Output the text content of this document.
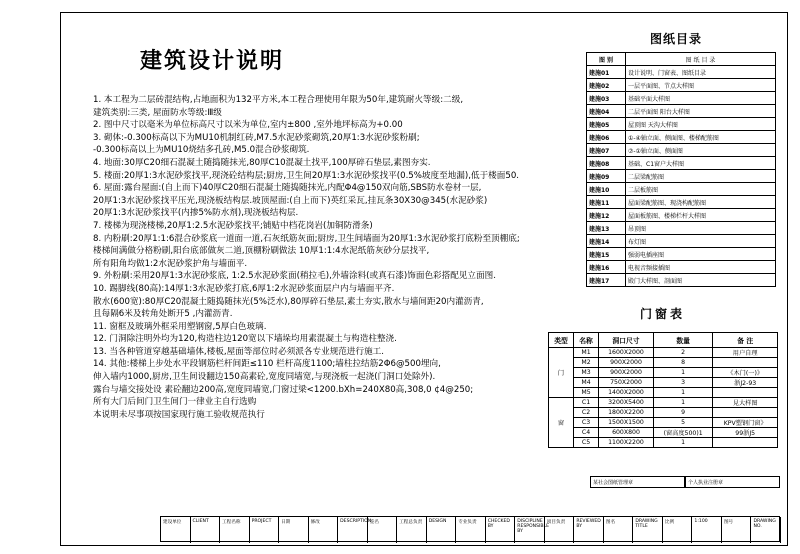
建筑设计说明
1. 本工程为二层砖混结构,占地面积为132平方米,本工程合理使用年限为50年,建筑耐火等级:二级,
建筑类别:三类, 屋面防水等级:Ⅲ级
2. 图中尺寸以毫米为单位标高尺寸以米为单位,室内±800 ,室外地坪标高为+0.00
3. 砌体:-0.300标高以下为MU10机制红砖,M7.5水泥砂浆砌筑,20厚1:3水泥砂浆粉刷;
-0.300标高以上为MU10烧结多孔砖,M5.0混合砂浆砌筑.
4. 地面:30厚C20细石混凝土随捣随抹光,80厚C10混凝土找平,100厚碎石垫层,素图夯实.
5. 楼面:20厚1:3水泥砂浆找平,现浇砼结构层;厨房,卫生间20厚1:3水泥砂浆找平(0.5%坡度至地漏),低于楼面50.
6. 屋面:露台屋面:(自上而下)40厚C20细石混凝土随捣随抹光,内配Φ4@150双向筋,SBS防水卷材一层,
20厚1:3水泥砂浆找平压光,现浇板结构层.坡顶屋面:(自上而下)英红采瓦,挂瓦条30X30@345(水泥砂浆)
20厚1:3水泥砂浆找平(内掺5%防水剂),现浇板结构层.
7. 楼梯为现浇楼梯,20厚1:2.5水泥砂浆找平;铺贴中档花岗岩(加铜防滑条)
8. 内粉刷:20厚1:1:6混合砂浆底一道面一道,石灰纸筋灰面;厨房,卫生间墙面为20厚1:3水泥砂浆打底粉至顶棚底;
楼梯间满做分格粉刷,阳台底部做灰二道,顶棚粉刷做法 10厚1:1:4水泥纸筋灰砂分层找平,
所有阳角均做1:2水泥砂浆护角与墙面平.
9. 外粉刷:采用20厚1:3水泥砂浆底, 1:2.5水泥砂浆面(稍拉毛),外墙涂料(或真石漆)饰面色彩搭配见立面图.
10. 踢脚线(80高):14厚1:3水泥砂浆打底,6厚1:2水泥砂浆面层户内与墙面平齐.
散水(600宽):80厚C20混凝土随捣随抹光(5%泛水),80厚碎石垫层,素土夯实,散水与墙间距20内灌沥青,
且每隔6米及转角处断开5 ,内灌沥青.
11. 窗框及玻璃外框采用塑钢窗,5厚白色玻璃.
12. 门洞除注明外均为120,构造柱边120宽以下墙垛均用素混凝土与构造柱整浇.
13. 当各种管道穿越基础墙体,楼板,屋面等部位时必须派各专业规范进行施工.
14. 其他:楼梯上步处水平段钢筋栏杆间距≤110 栏杆高度1100;墙柱拉结筋2Φ6@500埋向,
伸入墙内1000,厨房,卫生间设翻边150高素砼,宽度同墙宽,与现浇板一起浇(门洞口处除外).
露台与墙交接处设 素砼翻边200高,宽度同墙宽,门窗过梁<1200.bXh=240X80高,308,0 ¢4@250;
所有大门后间门卫生间门一律业主自行选购
本说明未尽事项按国家现行施工验收规范执行
图纸目录
图 别	图 纸 目 录
建施01	设计说明、门窗表、图纸目录
建施02	一层平面图、节点大样图
建施03	基础平面大样图
建施04	二层平面图 阳台大样图
建施05	屋顶图 天沟大样图
建施06	①-④轴立面、侧面图、楼梯配筋图
建施07	⑦-①轴立面、侧面图
建施08	基础、C1窗户大样图
建施09	二层梁配筋图
建施10	二层板筋图
建施11	屋面梁配筋图、现浇构配筋图
建施12	屋面板筋图、楼梯栏杆大样图
建施13	吊顶图
建施14	布灯图
建施15	强弱电插座图
建施16	电视音频接插图
建施17	殿门大样图、剖面图
门窗表
类型	名称	洞口尺寸	数量	备 注
门	M1	1600X2000	2	用户自理
	M2	900X2000	8	
	M3	900X2000	1	《木门(一)》
	M4	750X2000	3	浙J2-93
	M5	1400X2000	1	
窗	C1	3200X5400	1	見大样图
	C2	1800X2200	9	
	C3	1500X1500	5	KPV塑钢门窗》
	C4	600X800	(窗高度500)1	99浙J5
	C5	1100X2200	1	
某社会图纸管理章	个人执业注册章
建设单位	CLIENT	工程名称	PROJECT	日期	修改	DESCRIPTION
签名	工程总负责	DESIGN	专业负责	CHECKED BY
DISCIPLINE RESPONSIBLE BY
项目负责	REVIEWED BY
图名	DRAWING TITLE
比例	1:100	图号	DRAWING NO.
